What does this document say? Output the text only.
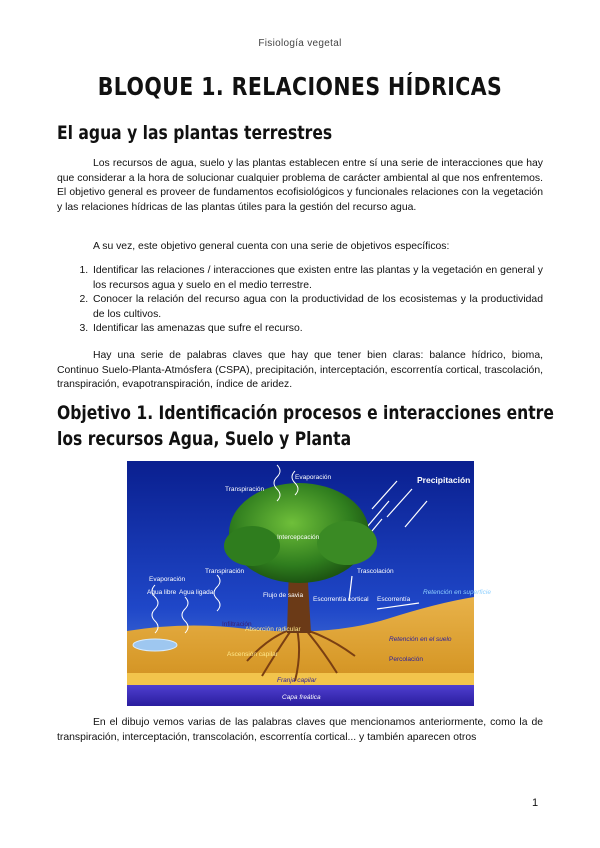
Fisiología vegetal
BLOQUE 1. RELACIONES HÍDRICAS
El agua y las plantas terrestres
Los recursos de agua, suelo y las plantas establecen entre sí una serie de interacciones que hay que considerar a la hora de solucionar cualquier problema de carácter ambiental al que nos enfrentemos. El objetivo general es proveer de fundamentos ecofisiológicos y funcionales relaciones con la vegetación y las relaciones hídricas de las plantas útiles para la gestión del recurso agua.
A su vez, este objetivo general cuenta con una serie de objetivos específicos:
1. Identificar las relaciones / interacciones que existen entre las plantas y la vegetación en general y los recursos agua y suelo en el medio terrestre.
2. Conocer la relación del recurso agua con la productividad de los ecosistemas y la productividad de los cultivos.
3. Identificar las amenazas que sufre el recurso.
Hay una serie de palabras claves que hay que tener bien claras: balance hídrico, bioma, Continuo Suelo-Planta-Atmósfera (CSPA), precipitación, interceptación, escorrentía cortical, trascolación, transpiración, evapotranspiración, índice de aridez.
Objetivo 1. Identificación procesos e interacciones entre
los recursos Agua, Suelo y Planta
Precipitación
Evaporación
Transpiración
Intercepcación
Trascolación
Escorrentía
Retención en superficie
Evaporación
Agua libre Agua ligada
Transpiración
Flujo de savia
Escorrentía cortical
Absorción radicular
Infiltración
Ascensión capilar
Retención en el suelo
Percolación
Franja capilar
Capa freática
En el dibujo vemos varias de las palabras claves que mencionamos anteriormente, como la de transpiración, interceptación, transcolación, escorrentía cortical... y también aparecen otros
1
